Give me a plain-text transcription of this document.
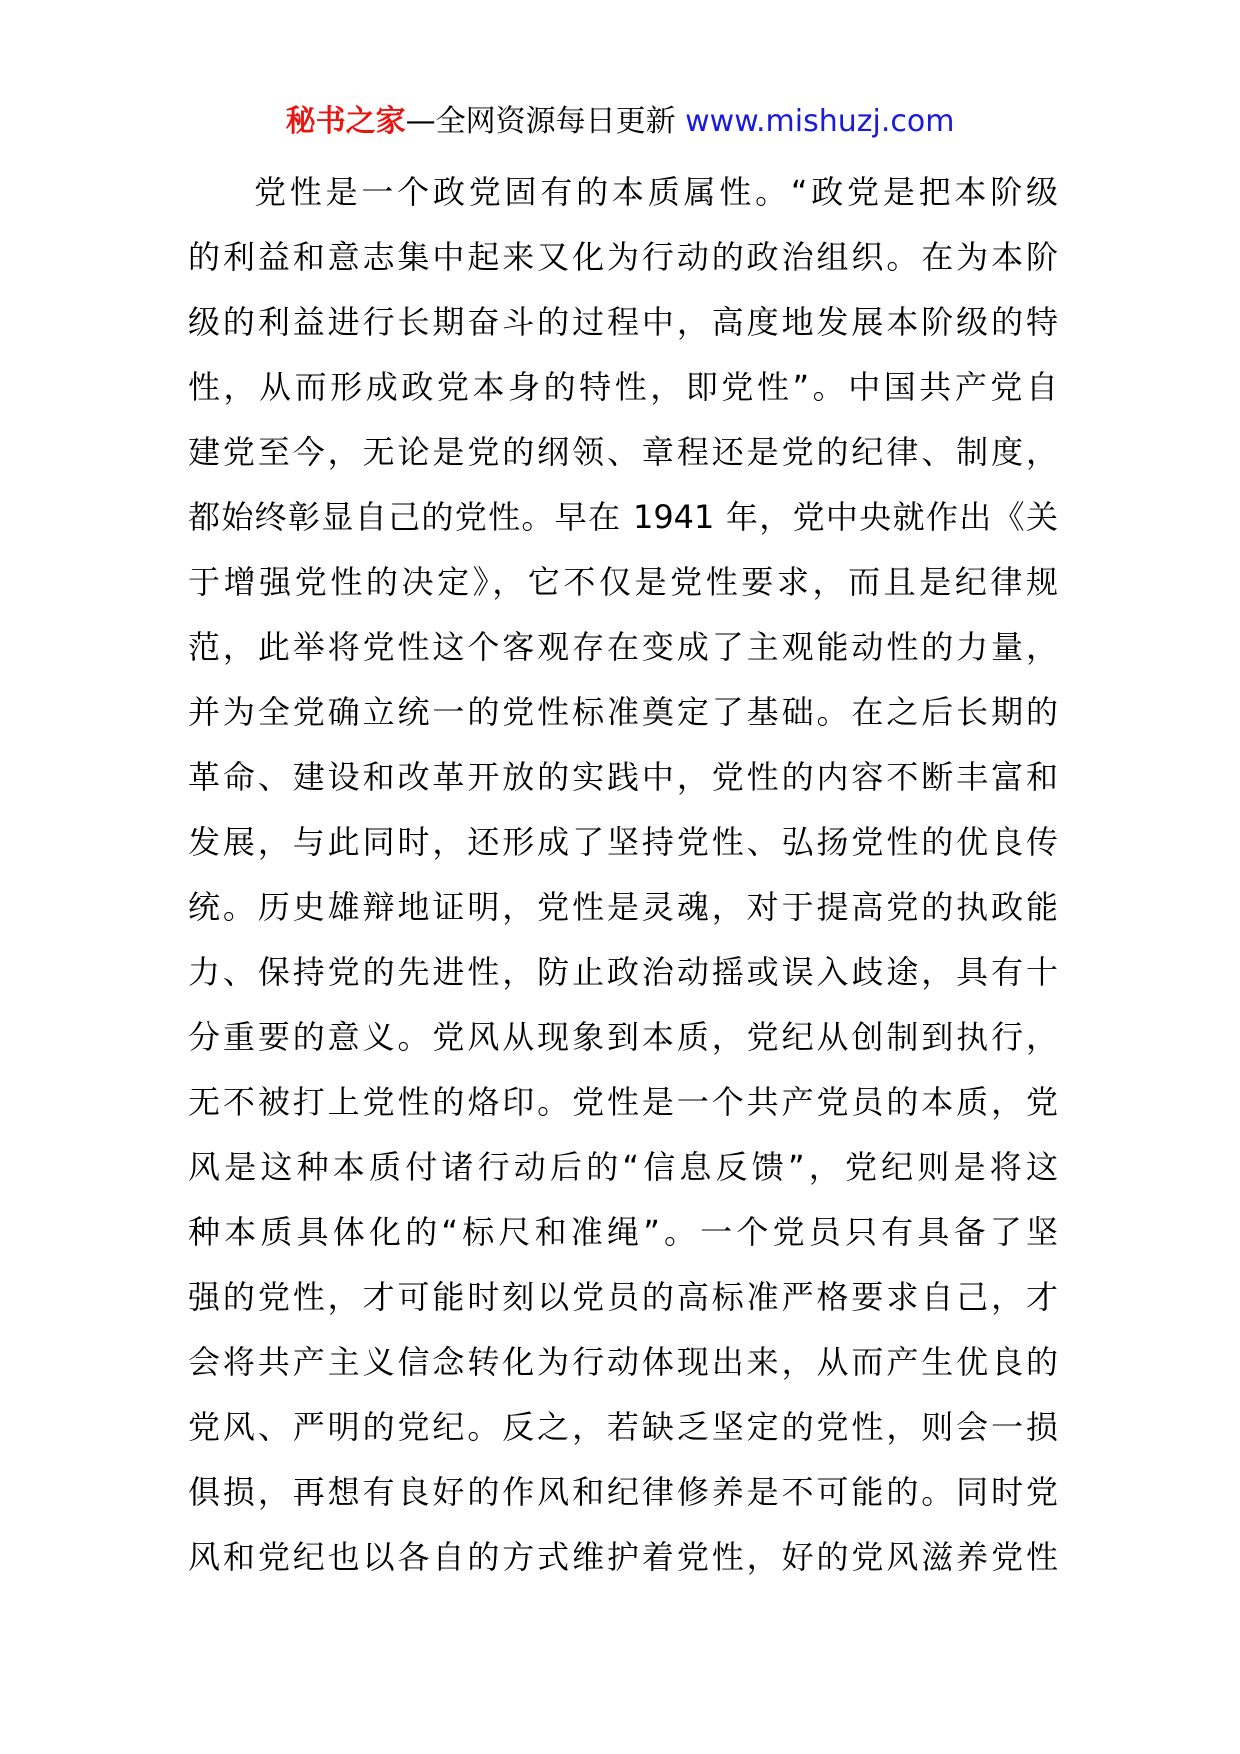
秘书之家—全网资源每日更新 www.mishuzj.com
党性是一个政党固有的本质属性。“政党是把本阶级
的利益和意志集中起来又化为行动的政治组织。在为本阶
级的利益进行长期奋斗的过程中，高度地发展本阶级的特
性，从而形成政党本身的特性，即党性”。中国共产党自
建党至今，无论是党的纲领、章程还是党的纪律、制度，
都始终彰显自己的党性。早在 1941 年，党中央就作出《关
于增强党性的决定》，它不仅是党性要求，而且是纪律规
范，此举将党性这个客观存在变成了主观能动性的力量，
并为全党确立统一的党性标准奠定了基础。在之后长期的
革命、建设和改革开放的实践中，党性的内容不断丰富和
发展，与此同时，还形成了坚持党性、弘扬党性的优良传
统。历史雄辩地证明，党性是灵魂，对于提高党的执政能
力、保持党的先进性，防止政治动摇或误入歧途，具有十
分重要的意义。党风从现象到本质，党纪从创制到执行，
无不被打上党性的烙印。党性是一个共产党员的本质，党
风是这种本质付诸行动后的“信息反馈”，党纪则是将这
种本质具体化的“标尺和准绳”。一个党员只有具备了坚
强的党性，才可能时刻以党员的高标准严格要求自己，才
会将共产主义信念转化为行动体现出来，从而产生优良的
党风、严明的党纪。反之，若缺乏坚定的党性，则会一损
俱损，再想有良好的作风和纪律修养是不可能的。同时党
风和党纪也以各自的方式维护着党性，好的党风滋养党性
